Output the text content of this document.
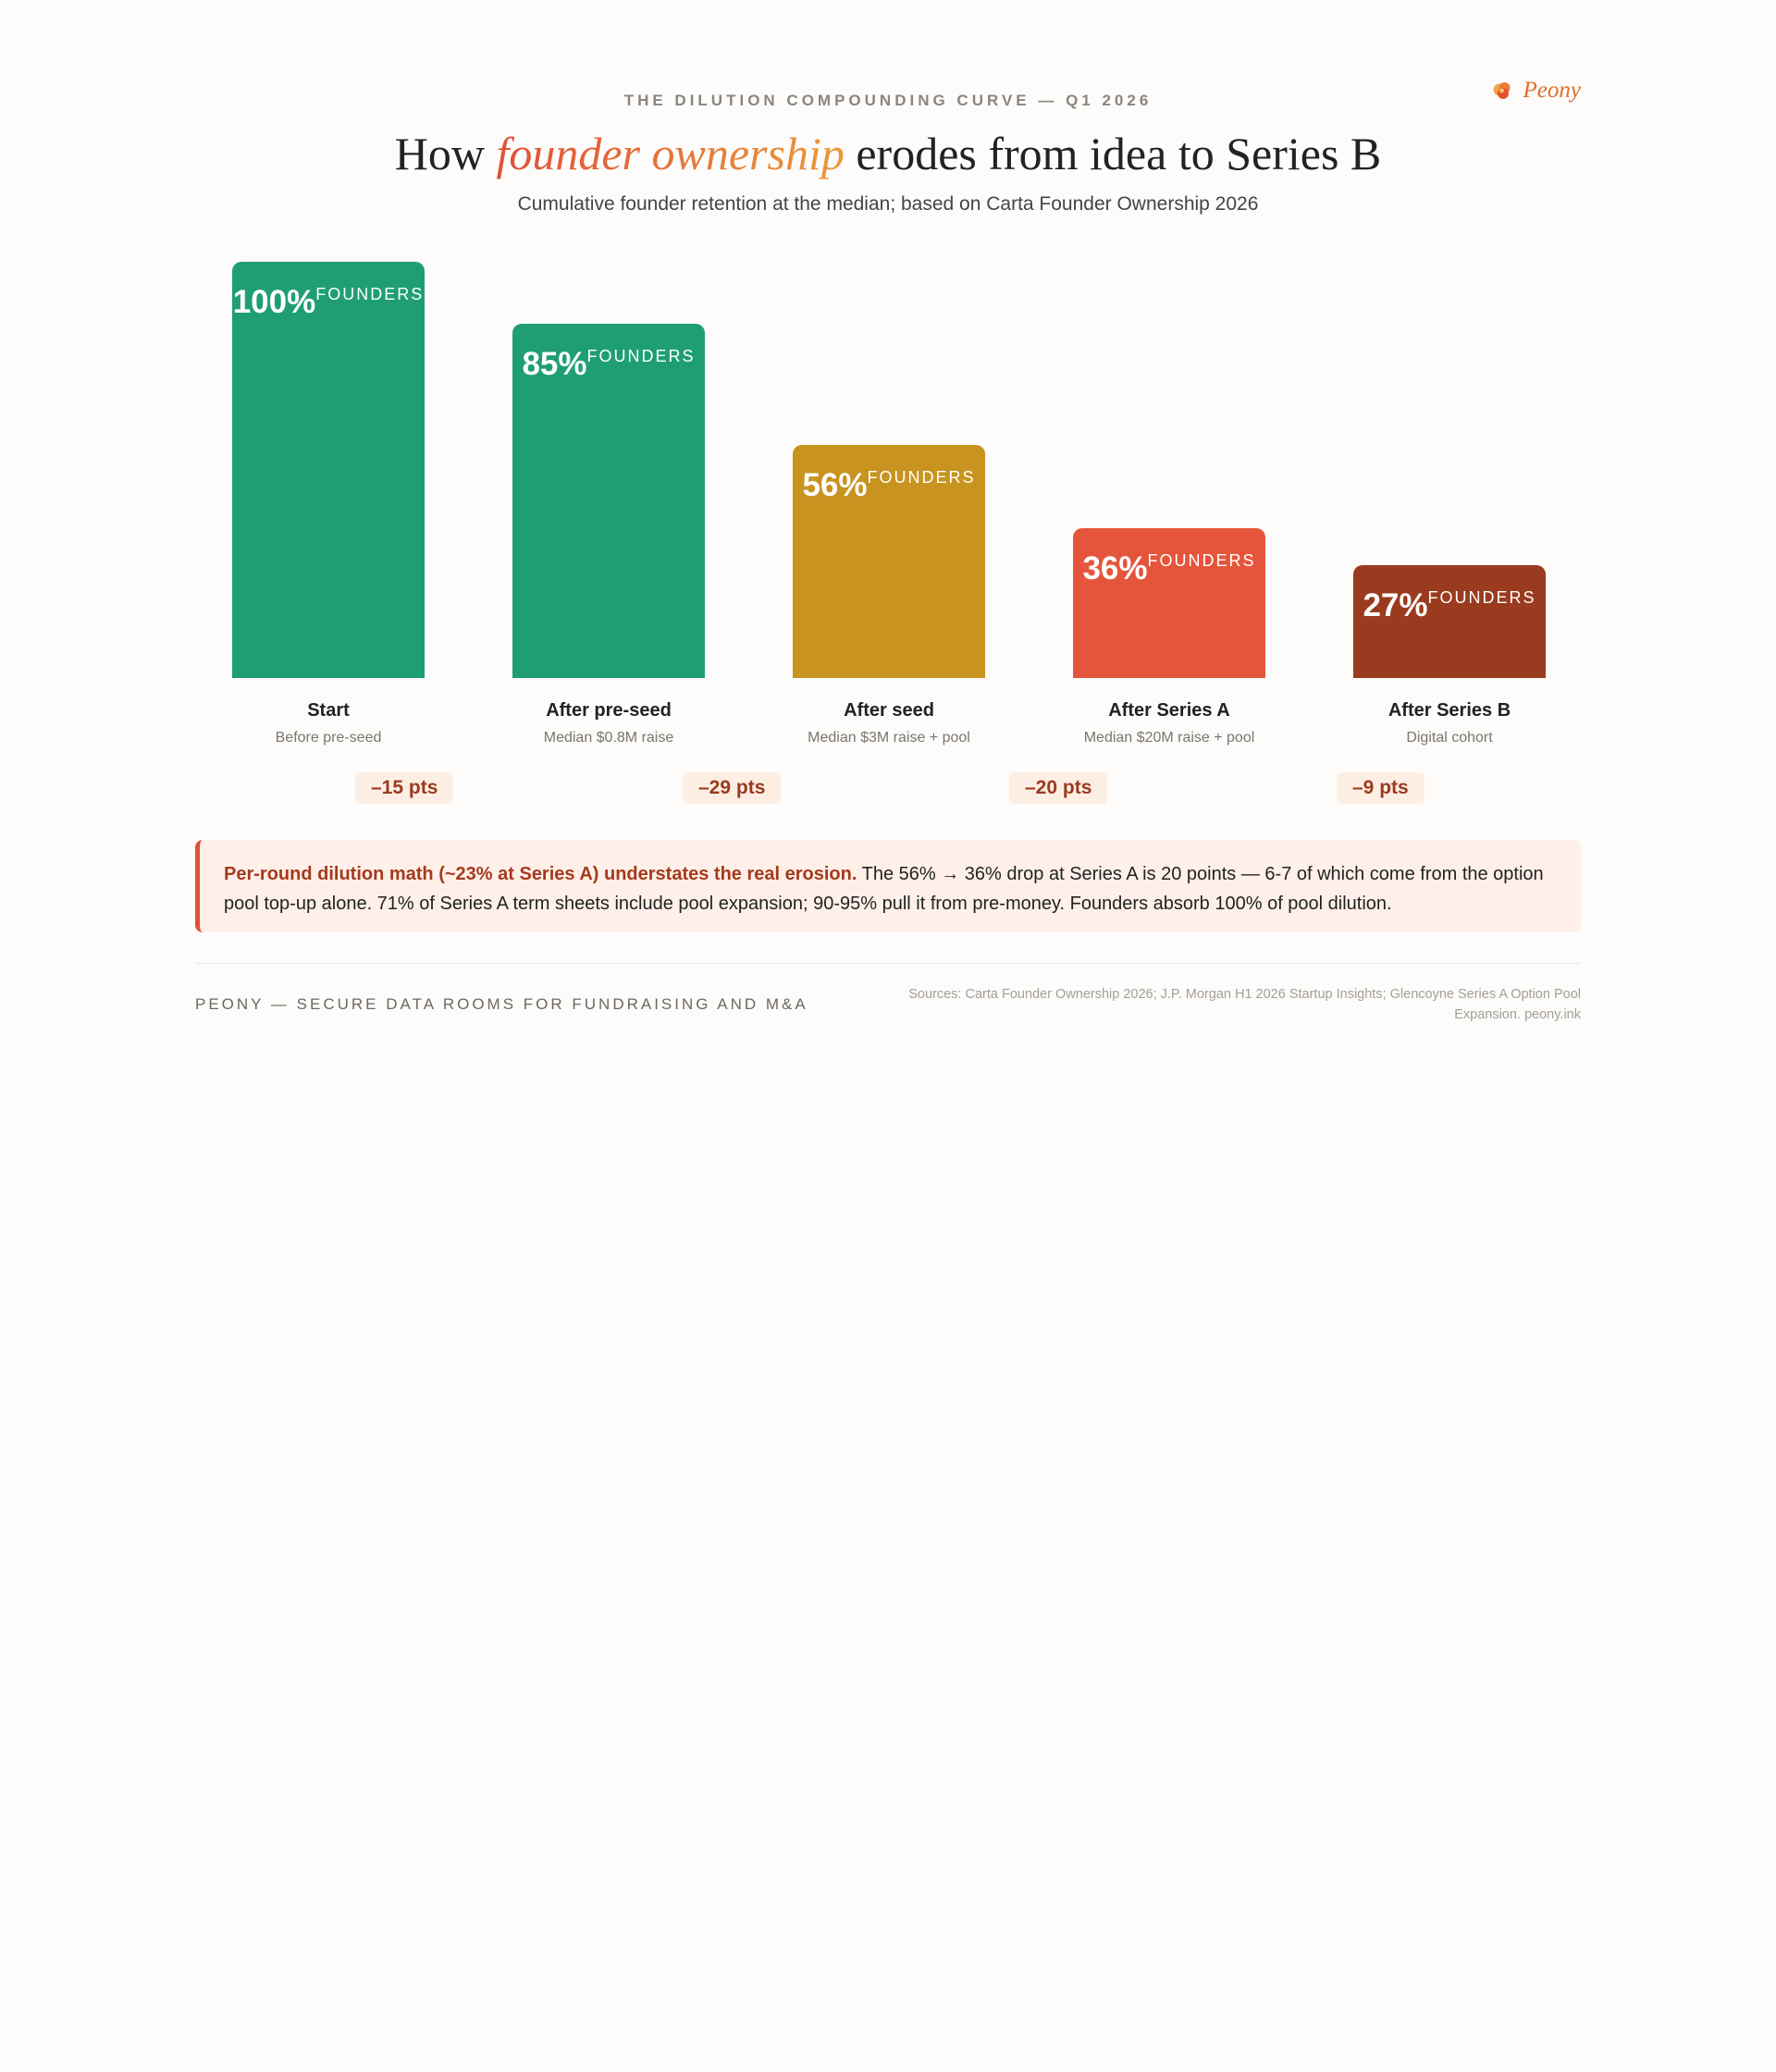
THE DILUTION COMPOUNDING CURVE — Q1 2026	Peony
How founder ownership erodes from idea to Series B
Cumulative founder retention at the median; based on Carta Founder Ownership 2026
100%FOUNDERS
85%FOUNDERS
56%FOUNDERS
36%FOUNDERS
27%FOUNDERS
Start
Before pre-seed
After pre-seed
Median $0.8M raise
After seed
Median $3M raise + pool
After Series A
Median $20M raise + pool
After Series B
Digital cohort
–15 pts	–29 pts	–20 pts	–9 pts
Per-round dilution math (~23% at Series A) understates the real erosion. The 56% → 36% drop at Series A is 20 points — 6-7 of which come from the option pool top-up alone. 71% of Series A term sheets include pool expansion; 90-95% pull it from pre-money. Founders absorb 100% of pool dilution.
PEONY — SECURE DATA ROOMS FOR FUNDRAISING AND M&A
Sources: Carta Founder Ownership 2026; J.P. Morgan H1 2026 Startup Insights; Glencoyne Series A Option Pool Expansion. peony.ink
